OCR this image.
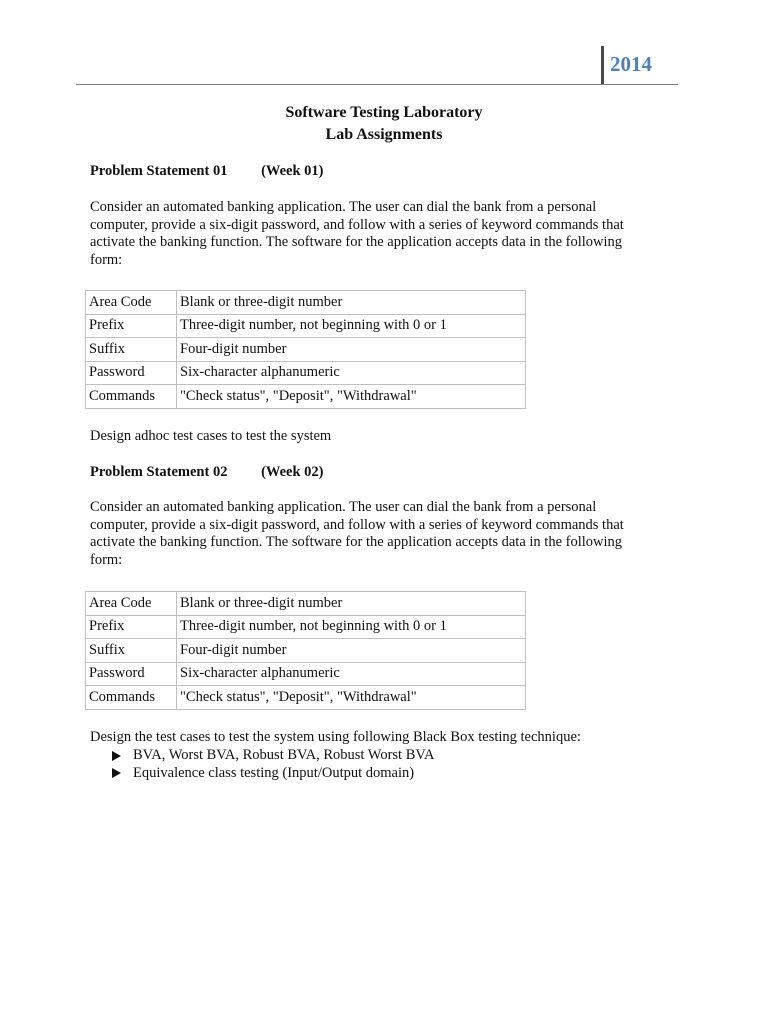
2014
Software Testing Laboratory
Lab Assignments
Problem Statement 01 (Week 01)
Consider an automated banking application. The user can dial the bank from a personal computer, provide a six-digit password, and follow with a series of keyword commands that activate the banking function. The software for the application accepts data in the following form:
Area Code	Blank or three-digit number
Prefix	Three-digit number, not beginning with 0 or 1
Suffix	Four-digit number
Password	Six-character alphanumeric
Commands	"Check status", "Deposit", "Withdrawal"
Design adhoc test cases to test the system
Problem Statement 02 (Week 02)
Consider an automated banking application. The user can dial the bank from a personal computer, provide a six-digit password, and follow with a series of keyword commands that activate the banking function. The software for the application accepts data in the following form:
Area Code	Blank or three-digit number
Prefix	Three-digit number, not beginning with 0 or 1
Suffix	Four-digit number
Password	Six-character alphanumeric
Commands	"Check status", "Deposit", "Withdrawal"
Design the test cases to test the system using following Black Box testing technique:
BVA, Worst BVA, Robust BVA, Robust Worst BVA
Equivalence class testing (Input/Output domain)
